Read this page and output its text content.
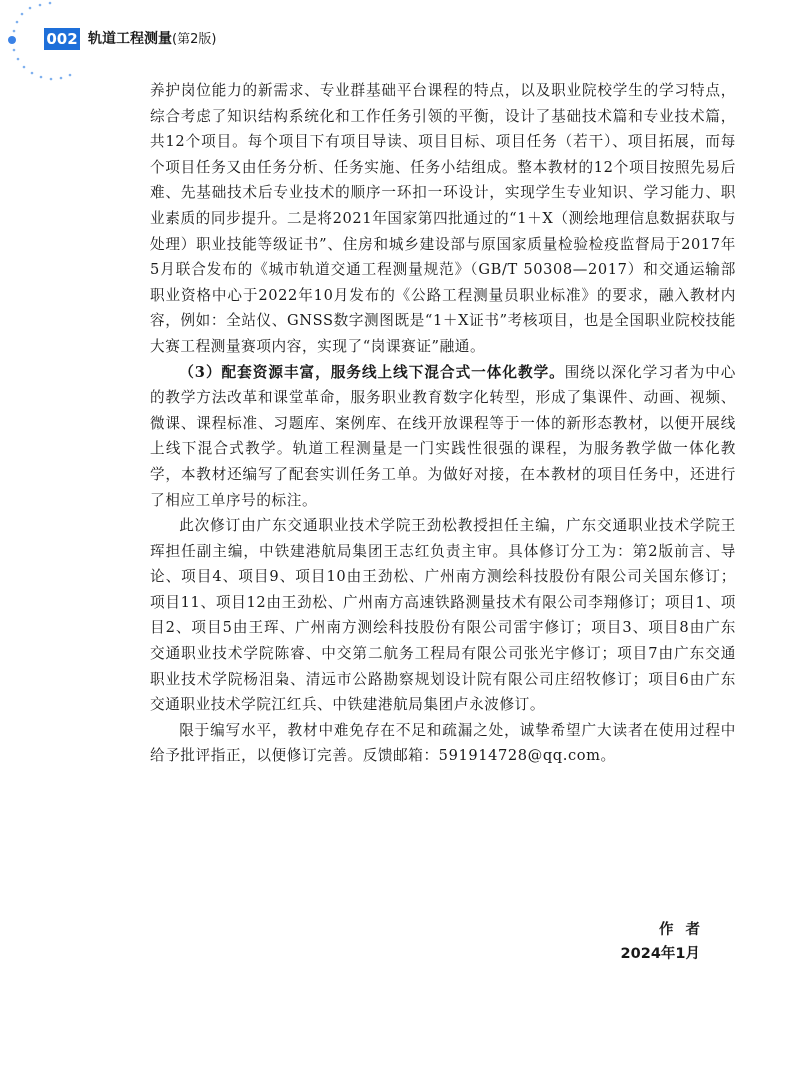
002 轨道工程测量(第2版)

养护岗位能力的新需求、专业群基础平台课程的特点，以及职业院校学生的学习特点，综合考虑了知识结构系统化和工作任务引领的平衡，设计了基础技术篇和专业技术篇，共12个项目。每个项目下有项目导读、项目目标、项目任务（若干）、项目拓展，而每个项目任务又由任务分析、任务实施、任务小结组成。整本教材的12个项目按照先易后难、先基础技术后专业技术的顺序一环扣一环设计，实现学生专业知识、学习能力、职业素质的同步提升。二是将2021年国家第四批通过的“1＋X（测绘地理信息数据获取与处理）职业技能等级证书”、住房和城乡建设部与原国家质量检验检疫监督局于2017年5月联合发布的《城市轨道交通工程测量规范》（GB/T 50308—2017）和交通运输部职业资格中心于2022年10月发布的《公路工程测量员职业标准》的要求，融入教材内容，例如：全站仪、GNSS数字测图既是“1＋X证书”考核项目，也是全国职业院校技能大赛工程测量赛项内容，实现了“岗课赛证”融通。

（3）配套资源丰富，服务线上线下混合式一体化教学。围绕以深化学习者为中心的教学方法改革和课堂革命，服务职业教育数字化转型，形成了集课件、动画、视频、微课、课程标准、习题库、案例库、在线开放课程等于一体的新形态教材，以便开展线上线下混合式教学。轨道工程测量是一门实践性很强的课程，为服务教学做一体化教学，本教材还编写了配套实训任务工单。为做好对接，在本教材的项目任务中，还进行了相应工单序号的标注。

此次修订由广东交通职业技术学院王劲松教授担任主编，广东交通职业技术学院王珲担任副主编，中铁建港航局集团王志红负责主审。具体修订分工为：第2版前言、导论、项目4、项目9、项目10由王劲松、广州南方测绘科技股份有限公司关国东修订；项目11、项目12由王劲松、广州南方高速铁路测量技术有限公司李翔修订；项目1、项目2、项目5由王珲、广州南方测绘科技股份有限公司雷宇修订；项目3、项目8由广东交通职业技术学院陈睿、中交第二航务工程局有限公司张光宇修订；项目7由广东交通职业技术学院杨泪枭、清远市公路勘察规划设计院有限公司庄绍牧修订；项目6由广东交通职业技术学院江红兵、中铁建港航局集团卢永波修订。

限于编写水平，教材中难免存在不足和疏漏之处，诚挚希望广大读者在使用过程中给予批评指正，以便修订完善。反馈邮箱：591914728@qq.com。

作者
2024年1月
